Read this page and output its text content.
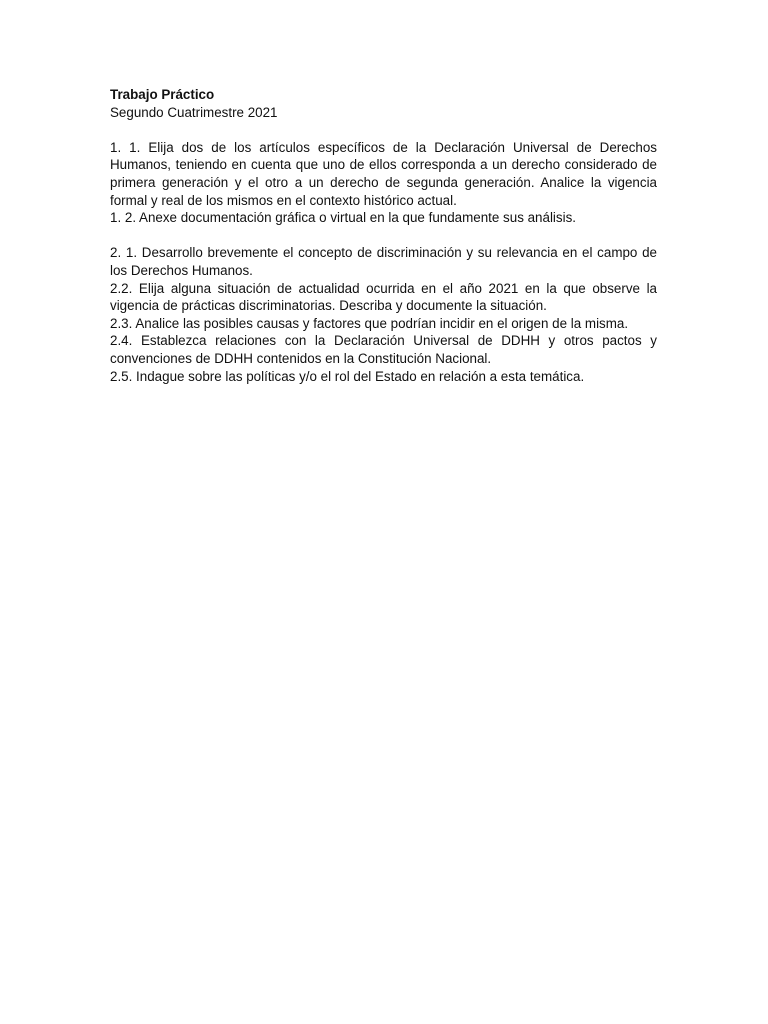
Trabajo Práctico

Segundo Cuatrimestre 2021

1. 1. Elija dos de los artículos específicos de la Declaración Universal de Derechos Humanos, teniendo en cuenta que uno de ellos corresponda a un derecho considerado de primera generación y el otro a un derecho de segunda generación. Analice la vigencia formal y real de los mismos en el contexto histórico actual.

1. 2. Anexe documentación gráfica o virtual en la que fundamente sus análisis.

2. 1. Desarrollo brevemente el concepto de discriminación y su relevancia en el campo de los Derechos Humanos.

2.2. Elija alguna situación de actualidad ocurrida en el año 2021 en la que observe la vigencia de prácticas discriminatorias. Describa y documente la situación.

2.3. Analice las posibles causas y factores que podrían incidir en el origen de la misma.

2.4. Establezca relaciones con la Declaración Universal de DDHH y otros pactos y convenciones de DDHH contenidos en la Constitución Nacional.

2.5. Indague sobre las políticas y/o el rol del Estado en relación a esta temática.
